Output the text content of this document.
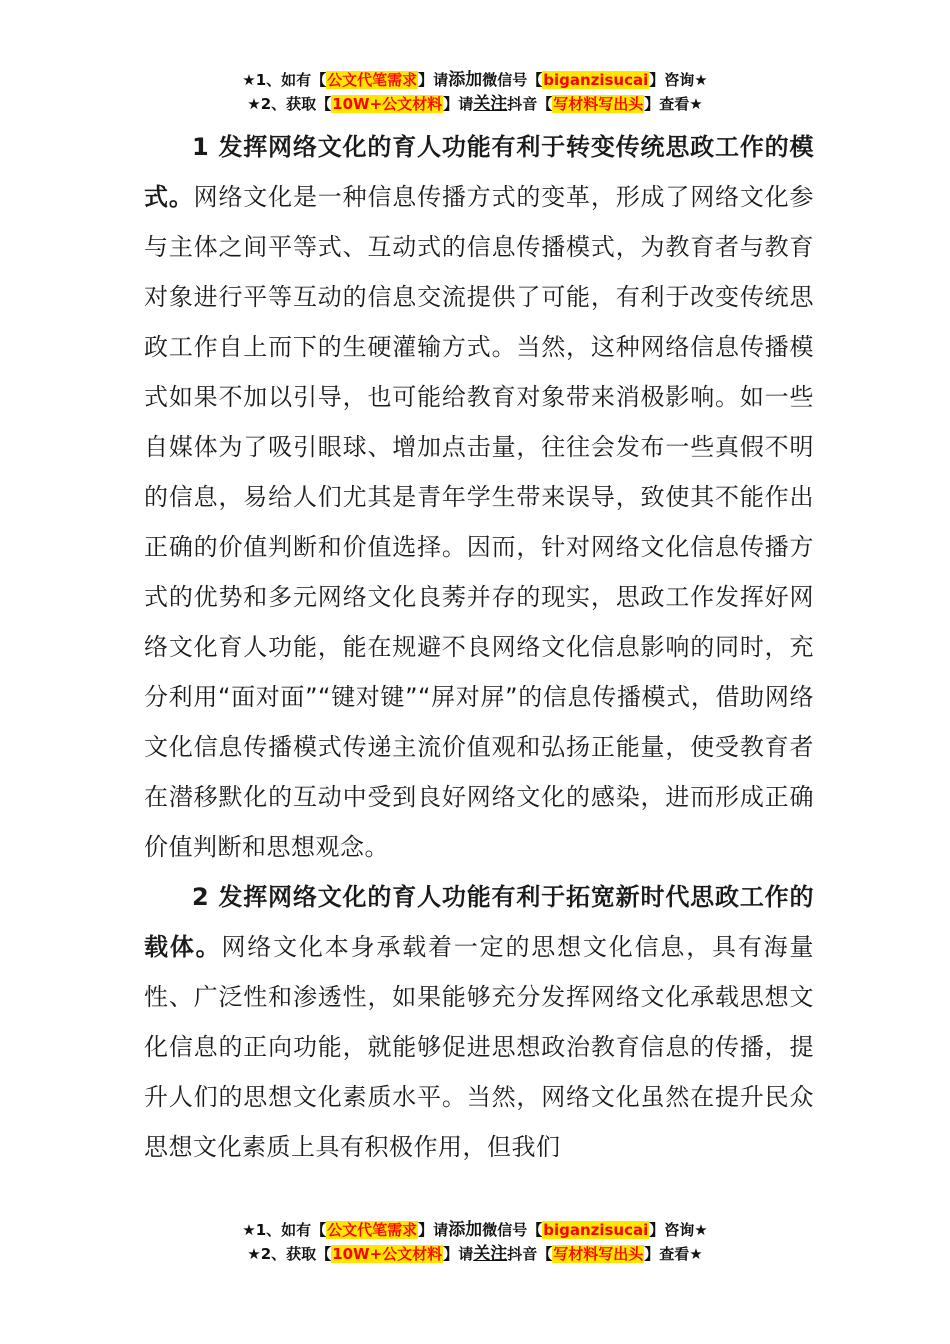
★1、如有【公文代笔需求】请添加微信号【biganzisucai】咨询★
★2、获取【10W+公文材料】请关注抖音【写材料写出头】查看★

1 发挥网络文化的育人功能有利于转变传统思政工作的模式。网络文化是一种信息传播方式的变革，形成了网络文化参与主体之间平等式、互动式的信息传播模式，为教育者与教育对象进行平等互动的信息交流提供了可能，有利于改变传统思政工作自上而下的生硬灌输方式。当然，这种网络信息传播模式如果不加以引导，也可能给教育对象带来消极影响。如一些自媒体为了吸引眼球、增加点击量，往往会发布一些真假不明的信息，易给人们尤其是青年学生带来误导，致使其不能作出正确的价值判断和价值选择。因而，针对网络文化信息传播方式的优势和多元网络文化良莠并存的现实，思政工作发挥好网络文化育人功能，能在规避不良网络文化信息影响的同时，充分利用“面对面”“键对键”“屏对屏”的信息传播模式，借助网络文化信息传播模式传递主流价值观和弘扬正能量，使受教育者在潜移默化的互动中受到良好网络文化的感染，进而形成正确价值判断和思想观念。

2 发挥网络文化的育人功能有利于拓宽新时代思政工作的载体。网络文化本身承载着一定的思想文化信息，具有海量性、广泛性和渗透性，如果能够充分发挥网络文化承载思想文化信息的正向功能，就能够促进思想政治教育信息的传播，提升人们的思想文化素质水平。当然，网络文化虽然在提升民众思想文化素质上具有积极作用，但我们

★1、如有【公文代笔需求】请添加微信号【biganzisucai】咨询★
★2、获取【10W+公文材料】请关注抖音【写材料写出头】查看★
